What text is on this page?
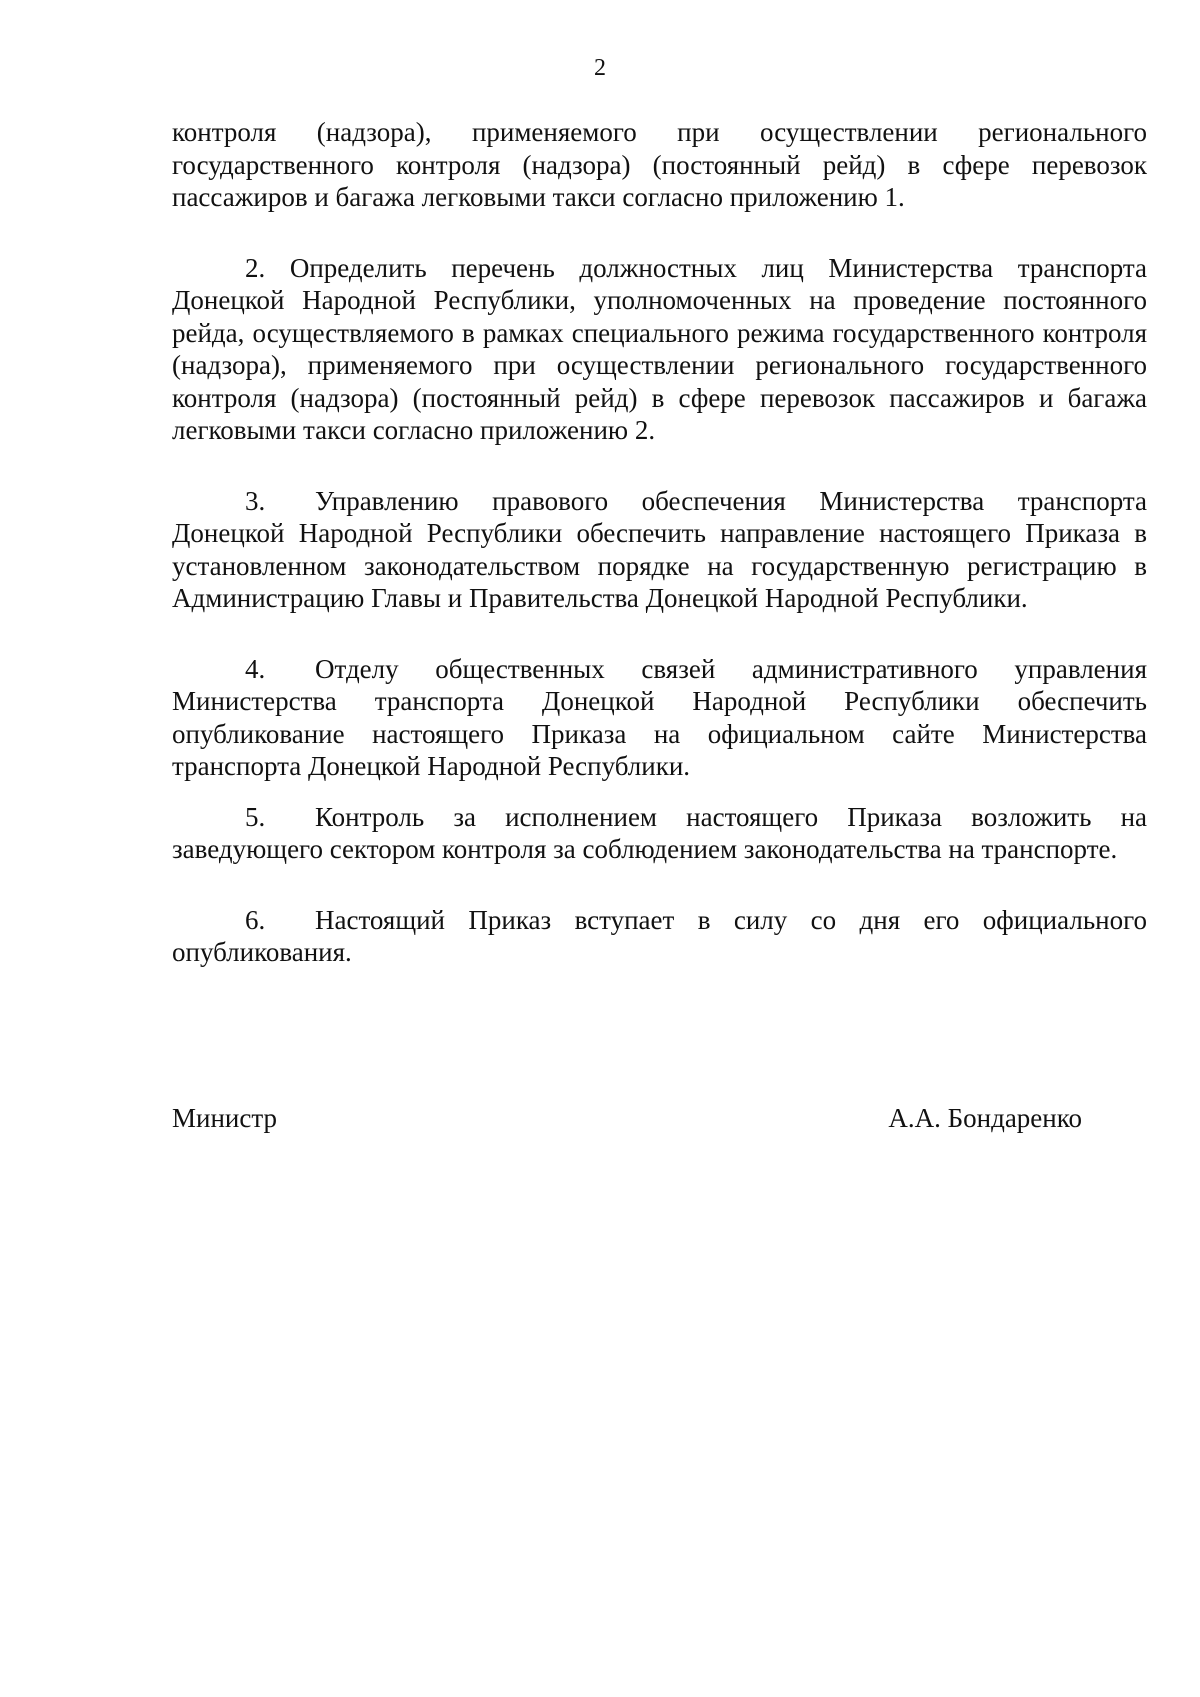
2

контроля (надзора), применяемого при осуществлении регионального государственного контроля (надзора) (постоянный рейд) в сфере перевозок пассажиров и багажа легковыми такси согласно приложению 1.

2. Определить перечень должностных лиц Министерства транспорта Донецкой Народной Республики, уполномоченных на проведение постоянного рейда, осуществляемого в рамках специального режима государственного контроля (надзора), применяемого при осуществлении регионального государственного контроля (надзора) (постоянный рейд) в сфере перевозок пассажиров и багажа легковыми такси согласно приложению 2.

3. Управлению правового обеспечения Министерства транспорта Донецкой Народной Республики обеспечить направление настоящего Приказа в установленном законодательством порядке на государственную регистрацию в Администрацию Главы и Правительства Донецкой Народной Республики.

4. Отделу общественных связей административного управления Министерства транспорта Донецкой Народной Республики обеспечить опубликование настоящего Приказа на официальном сайте Министерства транспорта Донецкой Народной Республики.

5. Контроль за исполнением настоящего Приказа возложить на заведующего сектором контроля за соблюдением законодательства на транспорте.

6. Настоящий Приказ вступает в силу со дня его официального опубликования.

Министр	А.А. Бондаренко
